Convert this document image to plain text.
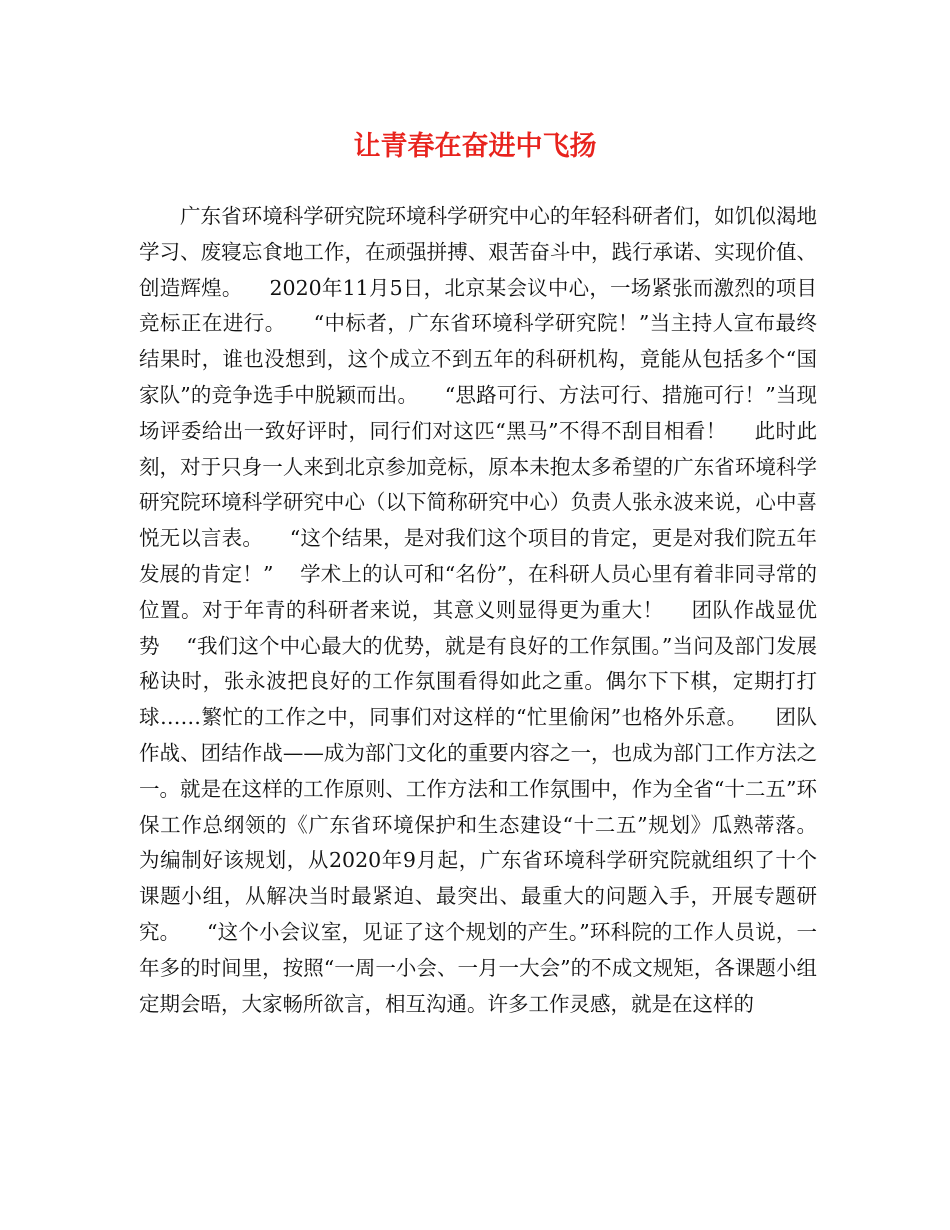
让青春在奋进中飞扬

广东省环境科学研究院环境科学研究中心的年轻科研者们，如饥似渴地学习、废寝忘食地工作，在顽强拼搏、艰苦奋斗中，践行承诺、实现价值、创造辉煌。    2020年11月5日，北京某会议中心，一场紧张而激烈的项目竞标正在进行。    “中标者，广东省环境科学研究院！”当主持人宣布最终结果时，谁也没想到，这个成立不到五年的科研机构，竟能从包括多个“国家队”的竞争选手中脱颖而出。    “思路可行、方法可行、措施可行！”当现场评委给出一致好评时，同行们对这匹“黑马”不得不刮目相看！    此时此刻，对于只身一人来到北京参加竞标，原本未抱太多希望的广东省环境科学研究院环境科学研究中心（以下简称研究中心）负责人张永波来说，心中喜悦无以言表。    “这个结果，是对我们这个项目的肯定，更是对我们院五年发展的肯定！”    学术上的认可和“名份”，在科研人员心里有着非同寻常的位置。对于年青的科研者来说，其意义则显得更为重大！    团队作战显优势    “我们这个中心最大的优势，就是有良好的工作氛围。”当问及部门发展秘诀时，张永波把良好的工作氛围看得如此之重。偶尔下下棋，定期打打球……繁忙的工作之中，同事们对这样的“忙里偷闲”也格外乐意。    团队作战、团结作战——成为部门文化的重要内容之一，也成为部门工作方法之一。就是在这样的工作原则、工作方法和工作氛围中，作为全省“十二五”环保工作总纲领的《广东省环境保护和生态建设“十二五”规划》瓜熟蒂落。    为编制好该规划，从2020年9月起，广东省环境科学研究院就组织了十个课题小组，从解决当时最紧迫、最突出、最重大的问题入手，开展专题研究。    “这个小会议室，见证了这个规划的产生。”环科院的工作人员说，一年多的时间里，按照“一周一小会、一月一大会”的不成文规矩，各课题小组定期会晤，大家畅所欲言，相互沟通。许多工作灵感，就是在这样的
